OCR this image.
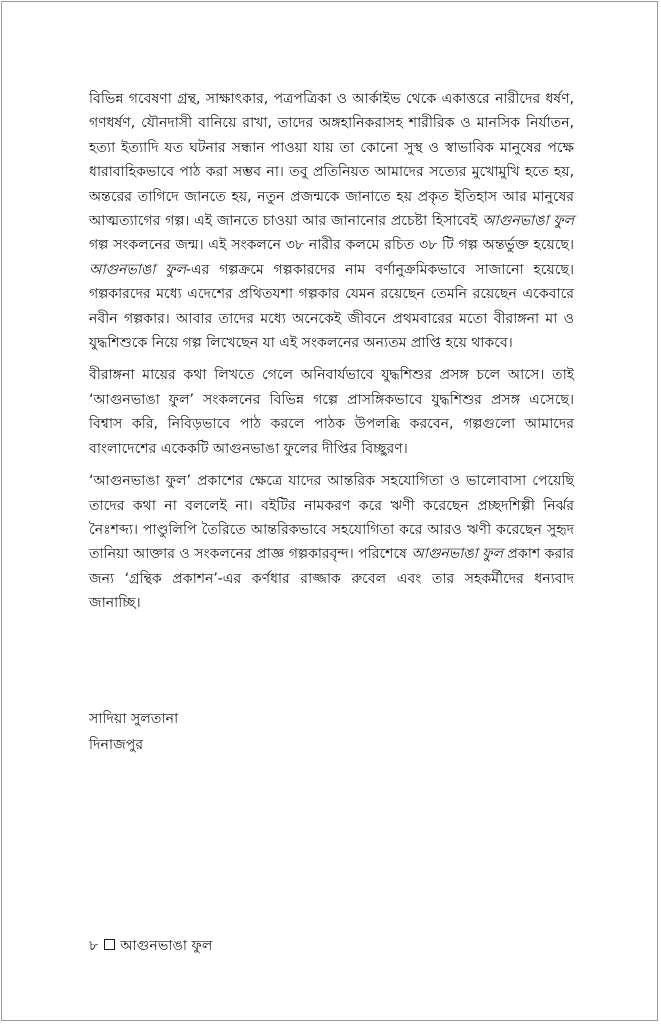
বিভিন্ন গবেষণা গ্রন্থ, সাক্ষাৎকার, পত্রপত্রিকা ও আর্কাইভ থেকে একাত্তরে নারীদের ধর্ষণ, গণধর্ষণ, যৌনদাসী বানিয়ে রাখা, তাদের অঙ্গহানিকরাসহ শারীরিক ও মানসিক নির্যাতন, হত্যা ইত্যাদি যত ঘটনার সন্ধান পাওয়া যায় তা কোনো সুস্থ ও স্বাভাবিক মানুষের পক্ষে ধারাবাহিকভাবে পাঠ করা সম্ভব না। তবু প্রতিনিয়ত আমাদের সত্যের মুখোমুখি হতে হয়, অন্তরের তাগিদে জানতে হয়, নতুন প্রজন্মকে জানাতে হয় প্রকৃত ইতিহাস আর মানুষের আত্মত্যাগের গল্প। এই জানতে চাওয়া আর জানানোর প্রচেষ্টা হিসাবেই আগুনভাঙা ফুল গল্প সংকলনের জন্ম। এই সংকলনে ৩৮ নারীর কলমে রচিত ৩৮ টি গল্প অন্তর্ভুক্ত হয়েছে। আগুনভাঙা ফুল-এর গল্পক্রমে গল্পকারদের নাম বর্ণানুক্রমিকভাবে সাজানো হয়েছে। গল্পকারদের মধ্যে এদেশের প্রথিতযশা গল্পকার যেমন রয়েছেন তেমনি রয়েছেন একেবারে নবীন গল্পকার। আবার তাদের মধ্যে অনেকেই জীবনে প্রথমবারের মতো বীরাঙ্গনা মা ও যুদ্ধশিশুকে নিয়ে গল্প লিখেছেন যা এই সংকলনের অন্যতম প্রাপ্তি হয়ে থাকবে।

বীরাঙ্গনা মায়ের কথা লিখতে গেলে অনিবার্যভাবে যুদ্ধশিশুর প্রসঙ্গ চলে আসে। তাই ‘আগুনভাঙা ফুল’ সংকলনের বিভিন্ন গল্পে প্রাসঙ্গিকভাবে যুদ্ধশিশুর প্রসঙ্গ এসেছে। বিশ্বাস করি, নিবিড়ভাবে পাঠ করলে পাঠক উপলব্ধি করবেন, গল্পগুলো আমাদের বাংলাদেশের একেকটি আগুনভাঙা ফুলের দীপ্তির বিচ্ছুরণ।

‘আগুনভাঙা ফুল’ প্রকাশের ক্ষেত্রে যাদের আন্তরিক সহযোগিতা ও ভালোবাসা পেয়েছি তাদের কথা না বললেই না। বইটির নামকরণ করে ঋণী করেছেন প্রচ্ছদশিল্পী নির্ঝর নৈঃশব্দ্য। পাণ্ডুলিপি তৈরিতে আন্তরিকভাবে সহযোগিতা করে আরও ঋণী করেছেন সুহৃদ তানিয়া আক্তার ও সংকলনের প্রাজ্ঞ গল্পকারবৃন্দ। পরিশেষে আগুনভাঙা ফুল প্রকাশ করার জন্য ‘গ্রন্থিক প্রকাশন’-এর কর্ণধার রাজ্জাক রুবেল এবং তার সহকর্মীদের ধন্যবাদ জানাচ্ছি।

সাদিয়া সুলতানা
দিনাজপুর
৮ আগুনভাঙা ফুল
